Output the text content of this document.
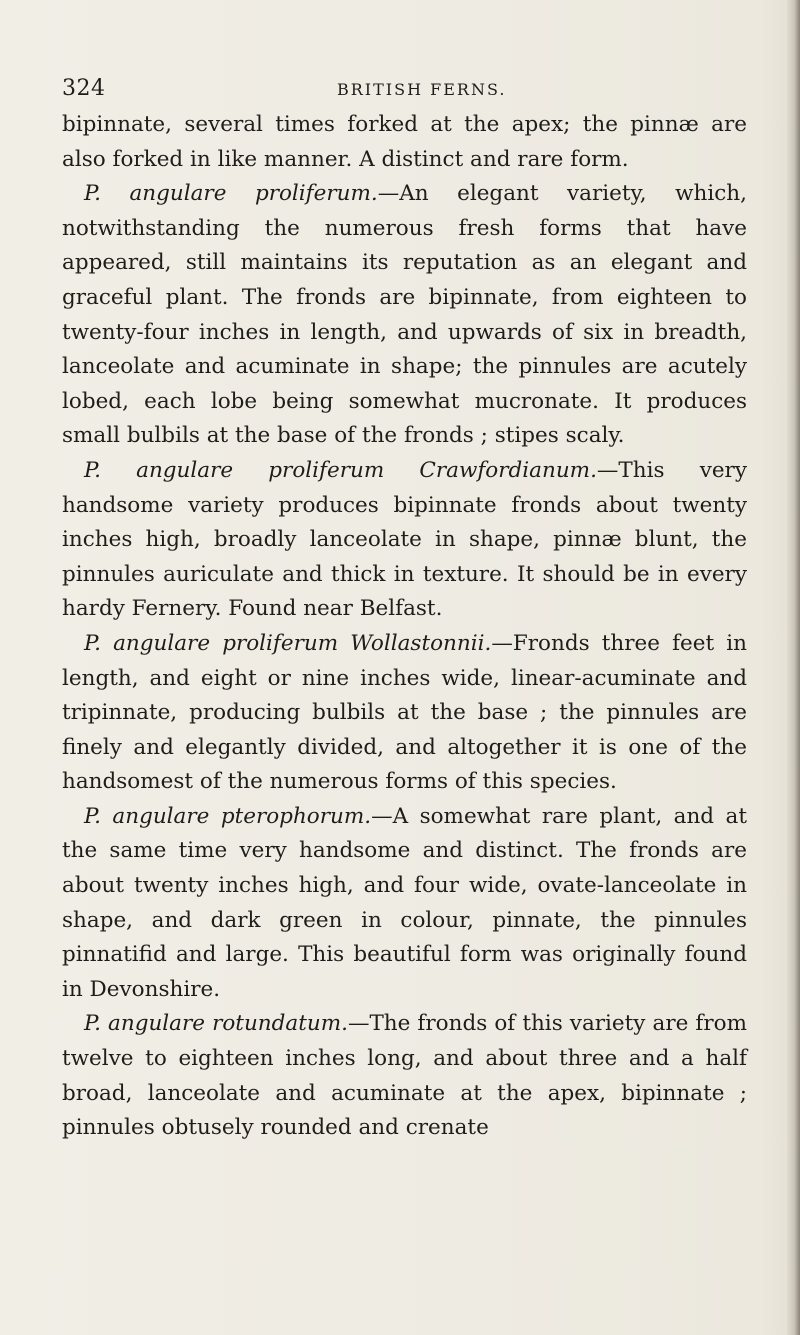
324	BRITISH FERNS.

bipinnate, several times forked at the apex; the pinnæ are also forked in like manner. A distinct and rare form.

P. angulare proliferum.—An elegant variety, which, notwithstanding the numerous fresh forms that have appeared, still maintains its reputation as an elegant and graceful plant. The fronds are bipinnate, from eighteen to twenty-four inches in length, and upwards of six in breadth, lanceolate and acuminate in shape; the pinnules are acutely lobed, each lobe being somewhat mucronate. It produces small bulbils at the base of the fronds ; stipes scaly.

P. angulare proliferum Crawfordianum.—This very handsome variety produces bipinnate fronds about twenty inches high, broadly lanceolate in shape, pinnæ blunt, the pinnules auriculate and thick in texture. It should be in every hardy Fernery. Found near Belfast.

P. angulare proliferum Wollastonnii.—Fronds three feet in length, and eight or nine inches wide, linear-acuminate and tripinnate, producing bulbils at the base ; the pinnules are finely and elegantly divided, and altogether it is one of the handsomest of the numerous forms of this species.

P. angulare pterophorum.—A somewhat rare plant, and at the same time very handsome and distinct. The fronds are about twenty inches high, and four wide, ovate-lanceolate in shape, and dark green in colour, pinnate, the pinnules pinnatifid and large. This beautiful form was originally found in Devonshire.

P. angulare rotundatum.—The fronds of this variety are from twelve to eighteen inches long, and about three and a half broad, lanceolate and acuminate at the apex, bipinnate ; pinnules obtusely rounded and crenate
